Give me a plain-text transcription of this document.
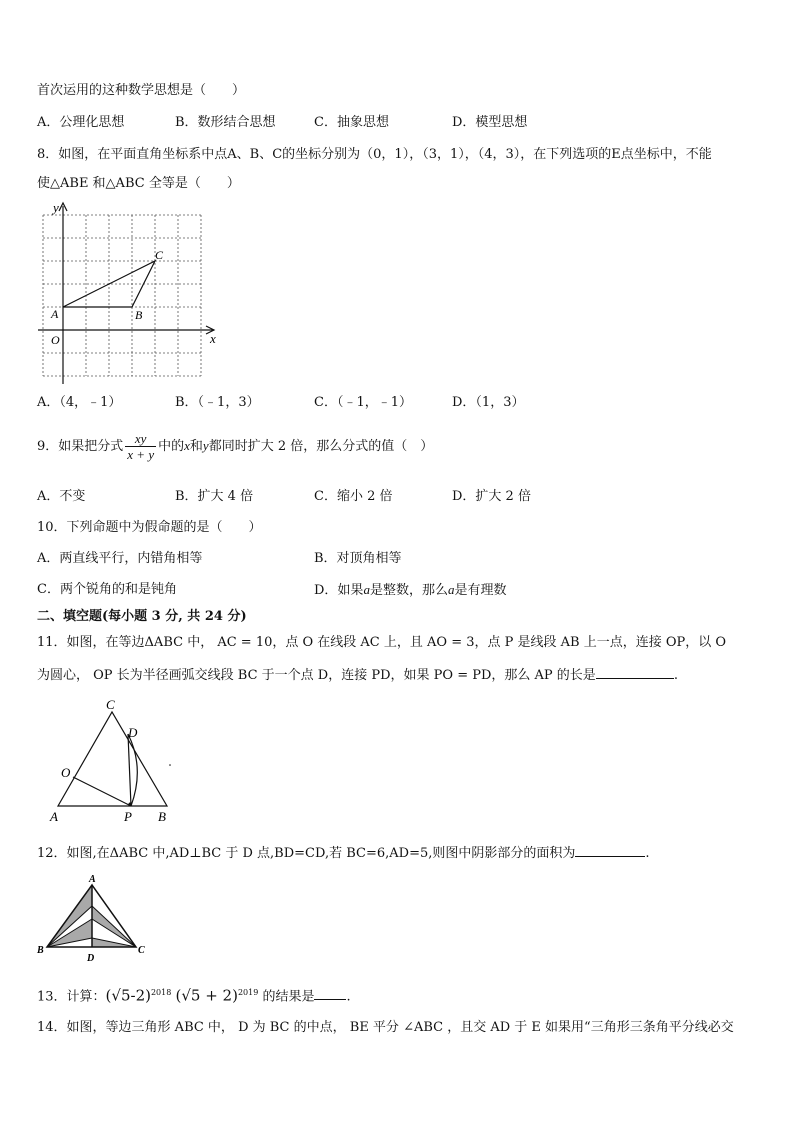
首次运用的这种数学思想是（　　）
A．公理化思想	B．数形结合思想	C．抽象思想	D．模型思想
8．如图，在平面直角坐标系中点A、B、C的坐标分别为（0，1），（3，1），（4，3），在下列选项的E点坐标中，不能
使△ABE 和△ABC 全等是（　　）
y
x
O
A	B
C
A．（4，﹣1）	B．（﹣1，3）	C．（﹣1，﹣1）	D．（1，3）
9．如果把分式 $\frac{xy}{x + y}$ 中的x和y都同时扩大 2 倍，那么分式的值（　）
A．不变	B．扩大 4 倍	C．缩小 2 倍	D．扩大 2 倍
10．下列命题中为假命题的是（　　）
A．两直线平行，内错角相等	B．对顶角相等
C．两个锐角的和是钝角	D．如果a是整数，那么a是有理数
二、填空题(每小题 3 分, 共 24 分)
11．如图，在等边ΔABC 中， AC = 10，点 O 在线段 AC 上，且 AO = 3，点 P 是线段 AB 上一点，连接 OP，以 O
为圆心， OP 长为半径画弧交线段 BC 于一个点 D，连接 PD，如果 PO = PD，那么 AP 的长是	.
C
D
O
A	P B
12．如图,在ΔABC 中,AD⊥BC 于 D 点,BD=CD,若 BC=6,AD=5,则图中阴影部分的面积为	.
A
B	C
D
13．计算：$(√5-2)^{2018}$ $(√5 + 2)^{2019}$ 的结果是 .
14．如图，等边三角形 ABC 中， D 为 BC 的中点， BE 平分 ∠ABC ，且交 AD 于 E 如果用“三角形三条角平分线必交
